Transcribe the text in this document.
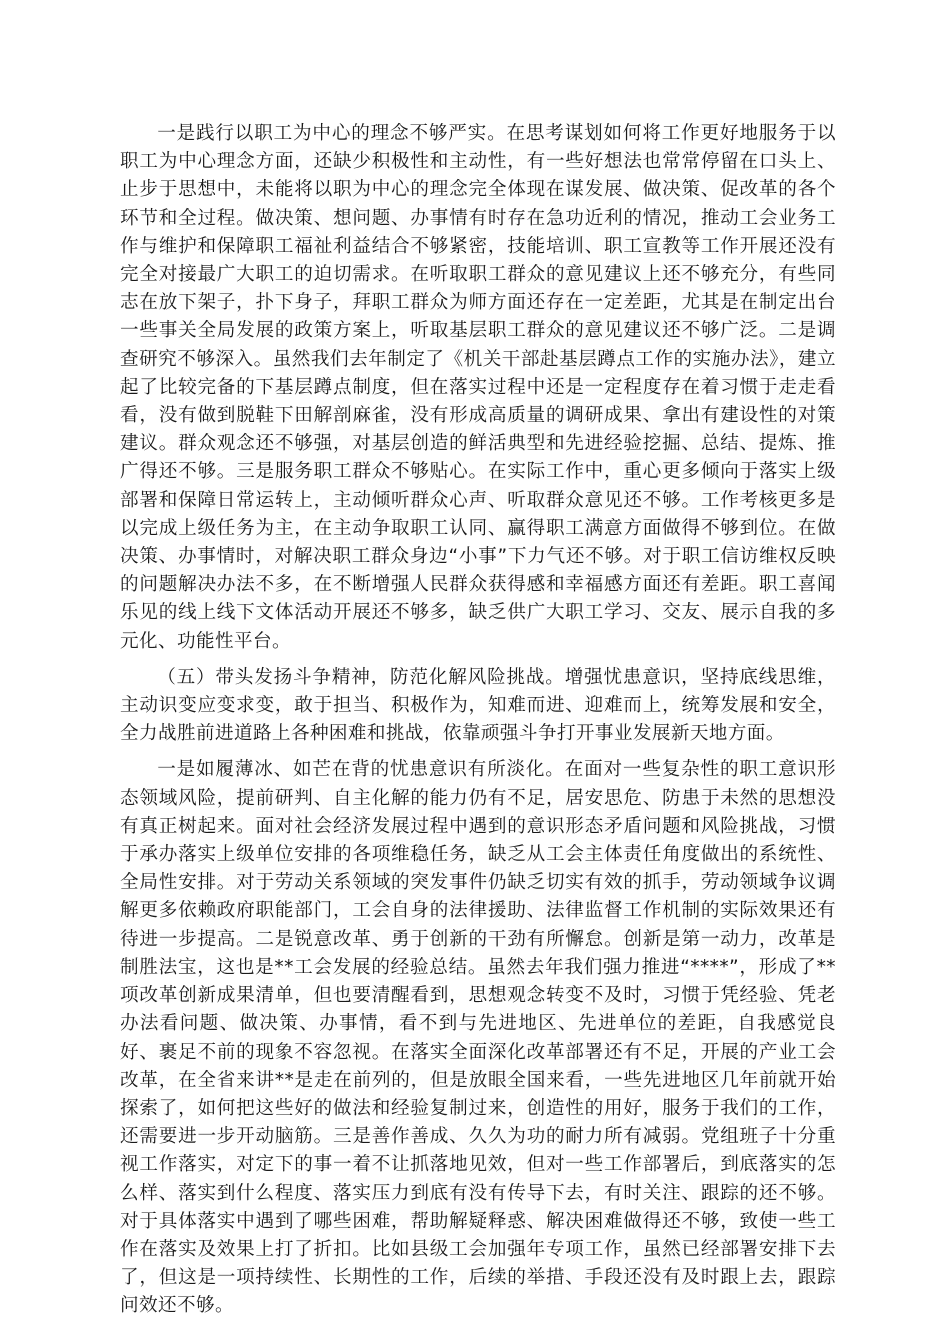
一是践行以职工为中心的理念不够严实。在思考谋划如何将工作更好地服务于以职工为中心理念方面，还缺少积极性和主动性，有一些好想法也常常停留在口头上、止步于思想中，未能将以职为中心的理念完全体现在谋发展、做决策、促改革的各个环节和全过程。做决策、想问题、办事情有时存在急功近利的情况，推动工会业务工作与维护和保障职工福祉利益结合不够紧密，技能培训、职工宣教等工作开展还没有完全对接最广大职工的迫切需求。在听取职工群众的意见建议上还不够充分，有些同志在放下架子，扑下身子，拜职工群众为师方面还存在一定差距，尤其是在制定出台一些事关全局发展的政策方案上，听取基层职工群众的意见建议还不够广泛。二是调查研究不够深入。虽然我们去年制定了《机关干部赴基层蹲点工作的实施办法》，建立起了比较完备的下基层蹲点制度，但在落实过程中还是一定程度存在着习惯于走走看看，没有做到脱鞋下田解剖麻雀，没有形成高质量的调研成果、拿出有建设性的对策建议。群众观念还不够强，对基层创造的鲜活典型和先进经验挖掘、总结、提炼、推广得还不够。三是服务职工群众不够贴心。在实际工作中，重心更多倾向于落实上级部署和保障日常运转上，主动倾听群众心声、听取群众意见还不够。工作考核更多是以完成上级任务为主，在主动争取职工认同、赢得职工满意方面做得不够到位。在做决策、办事情时，对解决职工群众身边“小事”下力气还不够。对于职工信访维权反映的问题解决办法不多，在不断增强人民群众获得感和幸福感方面还有差距。职工喜闻乐见的线上线下文体活动开展还不够多，缺乏供广大职工学习、交友、展示自我的多元化、功能性平台。

（五）带头发扬斗争精神，防范化解风险挑战。增强忧患意识，坚持底线思维，主动识变应变求变，敢于担当、积极作为，知难而进、迎难而上，统筹发展和安全，全力战胜前进道路上各种困难和挑战，依靠顽强斗争打开事业发展新天地方面。

一是如履薄冰、如芒在背的忧患意识有所淡化。在面对一些复杂性的职工意识形态领域风险，提前研判、自主化解的能力仍有不足，居安思危、防患于未然的思想没有真正树起来。面对社会经济发展过程中遇到的意识形态矛盾问题和风险挑战，习惯于承办落实上级单位安排的各项维稳任务，缺乏从工会主体责任角度做出的系统性、全局性安排。对于劳动关系领域的突发事件仍缺乏切实有效的抓手，劳动领域争议调解更多依赖政府职能部门，工会自身的法律援助、法律监督工作机制的实际效果还有待进一步提高。二是锐意改革、勇于创新的干劲有所懈怠。创新是第一动力，改革是制胜法宝，这也是**工会发展的经验总结。虽然去年我们强力推进“****”，形成了**项改革创新成果清单，但也要清醒看到，思想观念转变不及时，习惯于凭经验、凭老办法看问题、做决策、办事情，看不到与先进地区、先进单位的差距，自我感觉良好、裹足不前的现象不容忽视。在落实全面深化改革部署还有不足，开展的产业工会改革，在全省来讲**是走在前列的，但是放眼全国来看，一些先进地区几年前就开始探索了，如何把这些好的做法和经验复制过来，创造性的用好，服务于我们的工作，还需要进一步开动脑筋。三是善作善成、久久为功的耐力所有减弱。党组班子十分重视工作落实，对定下的事一着不让抓落地见效，但对一些工作部署后，到底落实的怎么样、落实到什么程度、落实压力到底有没有传导下去，有时关注、跟踪的还不够。对于具体落实中遇到了哪些困难，帮助解疑释惑、解决困难做得还不够，致使一些工作在落实及效果上打了折扣。比如县级工会加强年专项工作，虽然已经部署安排下去了，但这是一项持续性、长期性的工作，后续的举措、手段还没有及时跟上去，跟踪问效还不够。
